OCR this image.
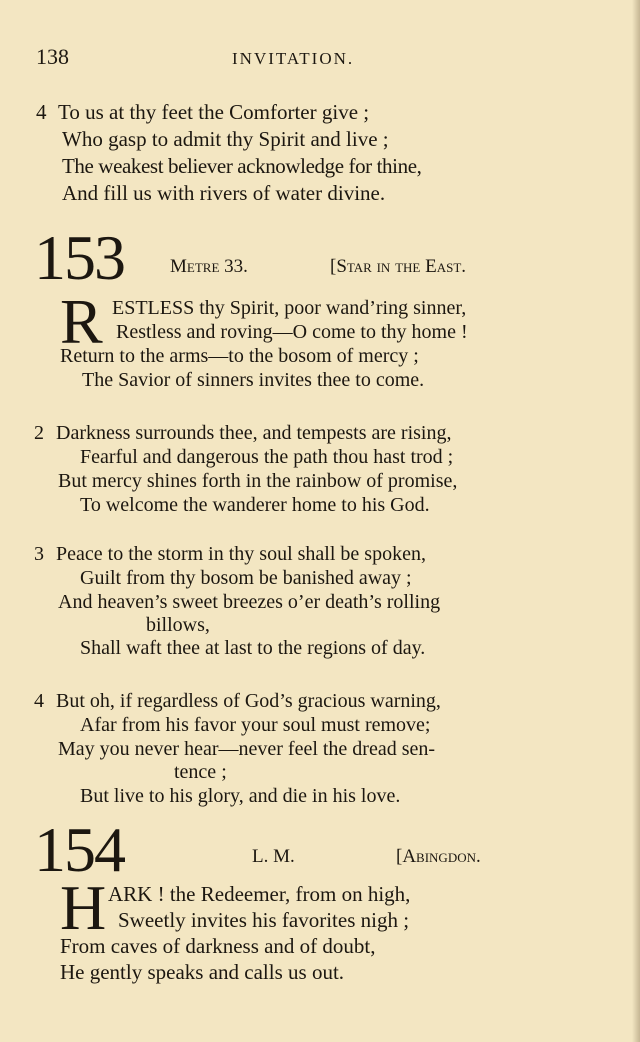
138	INVITATION.
4 To us at thy feet the Comforter give ;
Who gasp to admit thy Spirit and live ;
The weakest believer acknowledge for thine,
And fill us with rivers of water divine.
153 Metre 33.	[Star in the East.
R ESTLESS thy Spirit, poor wand’ring sinner,
Restless and roving—O come to thy home !
Return to the arms—to the bosom of mercy ;
The Savior of sinners invites thee to come.
2 Darkness surrounds thee, and tempests are rising,
Fearful and dangerous the path thou hast trod ;
But mercy shines forth in the rainbow of promise,
To welcome the wanderer home to his God.
3 Peace to the storm in thy soul shall be spoken,
Guilt from thy bosom be banished away ;
And heaven’s sweet breezes o’er death’s rolling
billows,
Shall waft thee at last to the regions of day.
4 But oh, if regardless of God’s gracious warning,
Afar from his favor your soul must remove;
May you never hear—never feel the dread sen-
tence ;
But live to his glory, and die in his love.
154	L. M.	[Abingdon.
H ARK ! the Redeemer, from on high,
Sweetly invites his favorites nigh ;
From caves of darkness and of doubt,
He gently speaks and calls us out.
